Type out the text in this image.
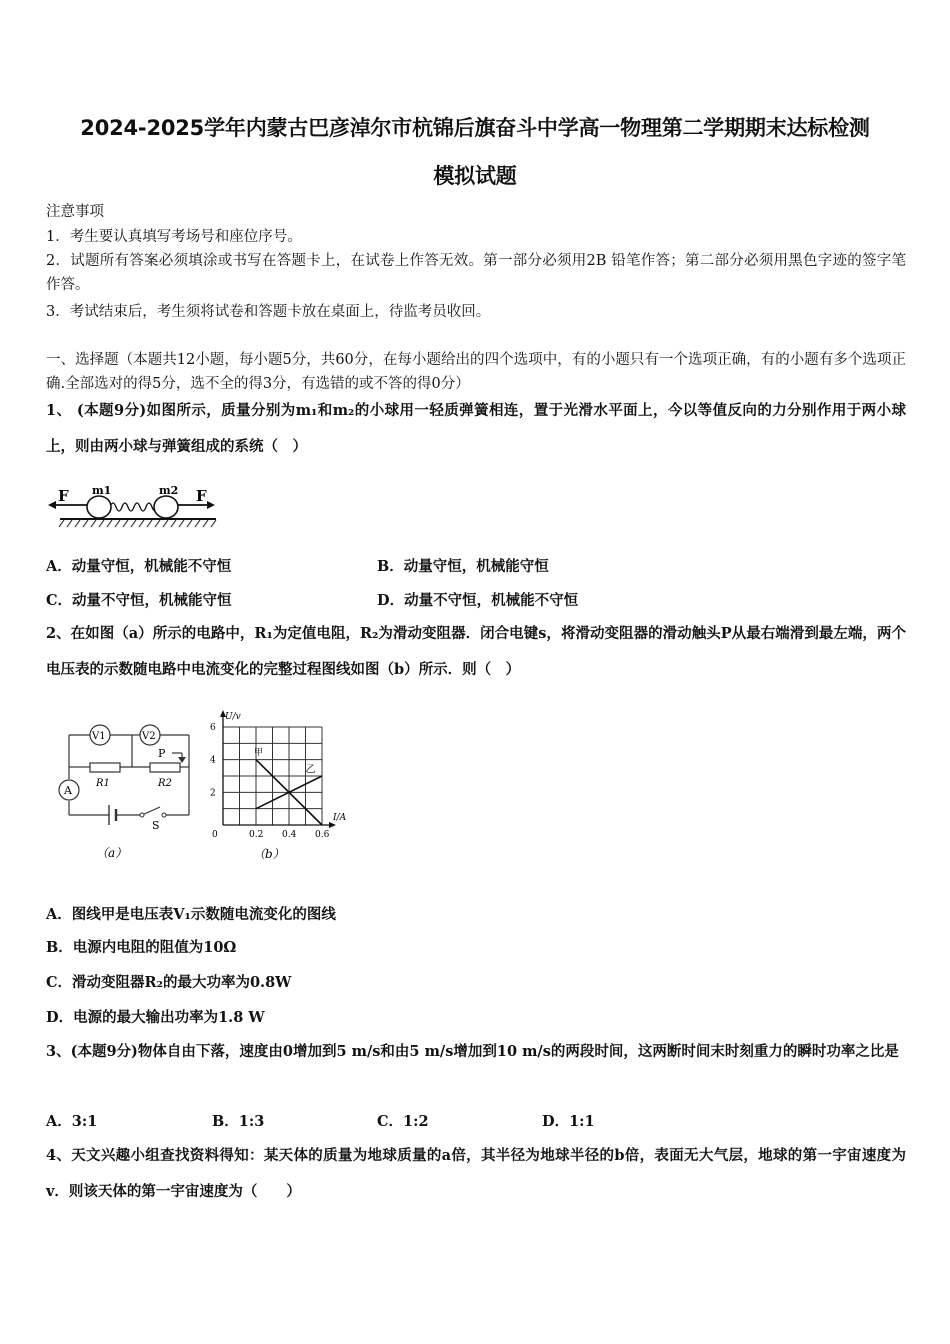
2024-2025学年内蒙古巴彦淖尔市杭锦后旗奋斗中学高一物理第二学期期末达标检测
模拟试题
注意事项
1．考生要认真填写考场号和座位序号。
2．试题所有答案必须填涂或书写在答题卡上，在试卷上作答无效。第一部分必须用2B 铅笔作答；第二部分必须用黑色字迹的签字笔作答。
3．考试结束后，考生须将试卷和答题卡放在桌面上，待监考员收回。
一、选择题（本题共12小题，每小题5分，共60分，在每小题给出的四个选项中，有的小题只有一个选项正确，有的小题有多个选项正确.全部选对的得5分，选不全的得3分，有选错的或不答的得0分）
1、 (本题9分)如图所示，质量分别为m₁和m₂的小球用一轻质弹簧相连，置于光滑水平面上，今以等值反向的力分别作用于两小球上，则由两小球与弹簧组成的系统（　）
F	F
m1	m2
A．动量守恒，机械能不守恒	B．动量守恒，机械能守恒
C．动量不守恒，机械能守恒	D．动量不守恒，机械能不守恒
2、在如图（a）所示的电路中，R₁为定值电阻，R₂为滑动变阻器．闭合电键s，将滑动变阻器的滑动触头P从最右端滑到最左端，两个电压表的示数随电路中电流变化的完整过程图线如图（b）所示．则（　）
V1	V2
A
R1	R2
P
S
（a）
6
4
2
0	0.2 0.4 0.6
甲
乙
U/v
I/A
（b）
A．图线甲是电压表V₁示数随电流变化的图线
B．电源内电阻的阻值为10Ω
C．滑动变阻器R₂的最大功率为0.8W
D．电源的最大输出功率为1.8 W
3、(本题9分)物体自由下落，速度由0增加到5 m/s和由5 m/s增加到10 m/s的两段时间，这两断时间末时刻重力的瞬时功率之比是
A．3:1	B．1:3	C．1:2	D．1:1
4、天文兴趣小组查找资料得知：某天体的质量为地球质量的a倍，其半径为地球半径的b倍，表面无大气层，地球的第一宇宙速度为v．则该天体的第一宇宙速度为（　　）
